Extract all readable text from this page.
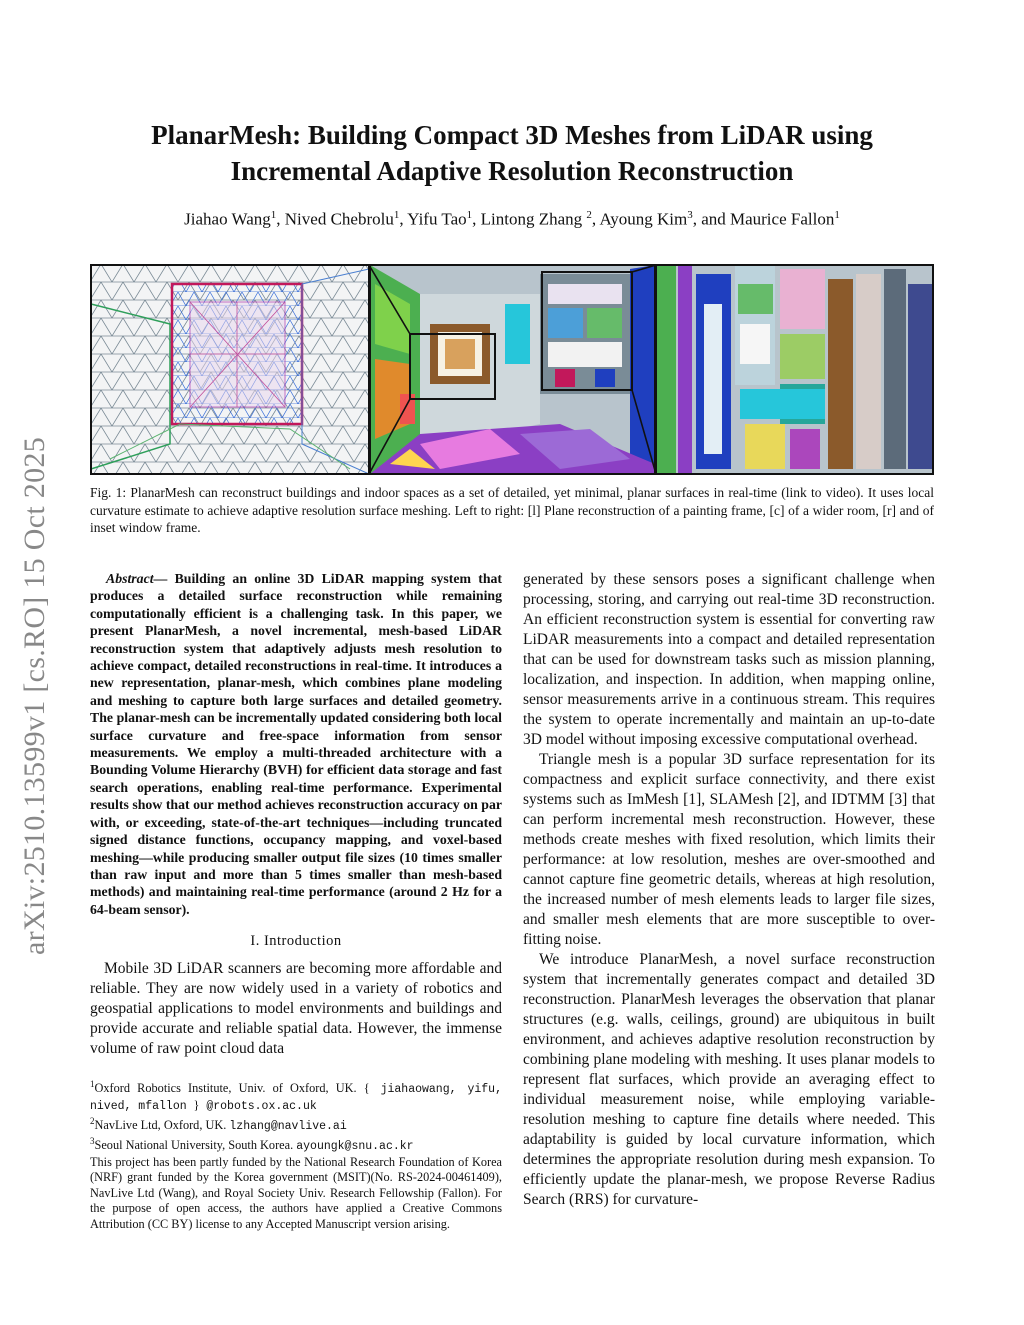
arXiv:2510.13599v1 [cs.RO] 15 Oct 2025
PlanarMesh: Building Compact 3D Meshes from LiDAR using
Incremental Adaptive Resolution Reconstruction
Jiahao Wang$^1$, Nived Chebrolu$^1$, Yifu Tao$^1$, Lintong Zhang $^2$, Ayoung Kim$^3$, and Maurice Fallon$^1$
Fig. 1: PlanarMesh can reconstruct buildings and indoor spaces as a set of detailed, yet minimal, planar surfaces in real-time (link to video). It uses local curvature estimate to achieve adaptive resolution surface meshing. Left to right: [l] Plane reconstruction of a painting frame, [c] of a wider room, [r] and of inset window frame.
Abstract— Building an online 3D LiDAR mapping system that produces a detailed surface reconstruction while remaining computationally efficient is a challenging task. In this paper, we present PlanarMesh, a novel incremental, mesh-based LiDAR reconstruction system that adaptively adjusts mesh resolution to achieve compact, detailed reconstructions in real-time. It introduces a new representation, planar-mesh, which combines plane modeling and meshing to capture both large surfaces and detailed geometry. The planar-mesh can be incrementally updated considering both local surface curvature and free-space information from sensor measurements. We employ a multi-threaded architecture with a Bounding Volume Hierarchy (BVH) for efficient data storage and fast search operations, enabling real-time performance. Experimental results show that our method achieves reconstruction accuracy on par with, or exceeding, state-of-the-art techniques—including truncated signed distance functions, occupancy mapping, and voxel-based meshing—while producing smaller output file sizes (10 times smaller than raw input and more than 5 times smaller than mesh-based methods) and maintaining real-time performance (around 2 Hz for a 64-beam sensor).
I. Introduction

Mobile 3D LiDAR scanners are becoming more affordable and reliable. They are now widely used in a variety of robotics and geospatial applications to model environments and buildings and provide accurate and reliable spatial data. However, the immense volume of raw point cloud data

$^1$Oxford Robotics Institute, Univ. of Oxford, UK. { jiahaowang, yifu, nived, mfallon } @robots.ox.ac.uk

$^2$NavLive Ltd, Oxford, UK. lzhang@navlive.ai

$^3$Seoul National University, South Korea. ayoungk@snu.ac.kr

This project has been partly funded by the National Research Foundation of Korea (NRF) grant funded by the Korea government (MSIT)(No. RS-2024-00461409), NavLive Ltd (Wang), and Royal Society Univ. Research Fellowship (Fallon). For the purpose of open access, the authors have applied a Creative Commons Attribution (CC BY) license to any Accepted Manuscript version arising.

generated by these sensors poses a significant challenge when processing, storing, and carrying out real-time 3D reconstruction. An efficient reconstruction system is essential for converting raw LiDAR measurements into a compact and detailed representation that can be used for downstream tasks such as mission planning, localization, and inspection. In addition, when mapping online, sensor measurements arrive in a continuous stream. This requires the system to operate incrementally and maintain an up-to-date 3D model without imposing excessive computational overhead.

Triangle mesh is a popular 3D surface representation for its compactness and explicit surface connectivity, and there exist systems such as ImMesh [1], SLAMesh [2], and IDTMM [3] that can perform incremental mesh reconstruction. However, these methods create meshes with fixed resolution, which limits their performance: at low resolution, meshes are over-smoothed and cannot capture fine geometric details, whereas at high resolution, the increased number of mesh elements leads to larger file sizes, and smaller mesh elements that are more susceptible to over-fitting noise.

We introduce PlanarMesh, a novel surface reconstruction system that incrementally generates compact and detailed 3D reconstruction. PlanarMesh leverages the observation that planar structures (e.g. walls, ceilings, ground) are ubiquitous in built environment, and achieves adaptive resolution reconstruction by combining plane modeling with meshing. It uses planar models to represent flat surfaces, which provide an averaging effect to individual measurement noise, while employing variable-resolution meshing to capture fine details where needed. This adaptability is guided by local curvature information, which determines the appropriate resolution during mesh expansion. To efficiently update the planar-mesh, we propose Reverse Radius Search (RRS) for curvature-
